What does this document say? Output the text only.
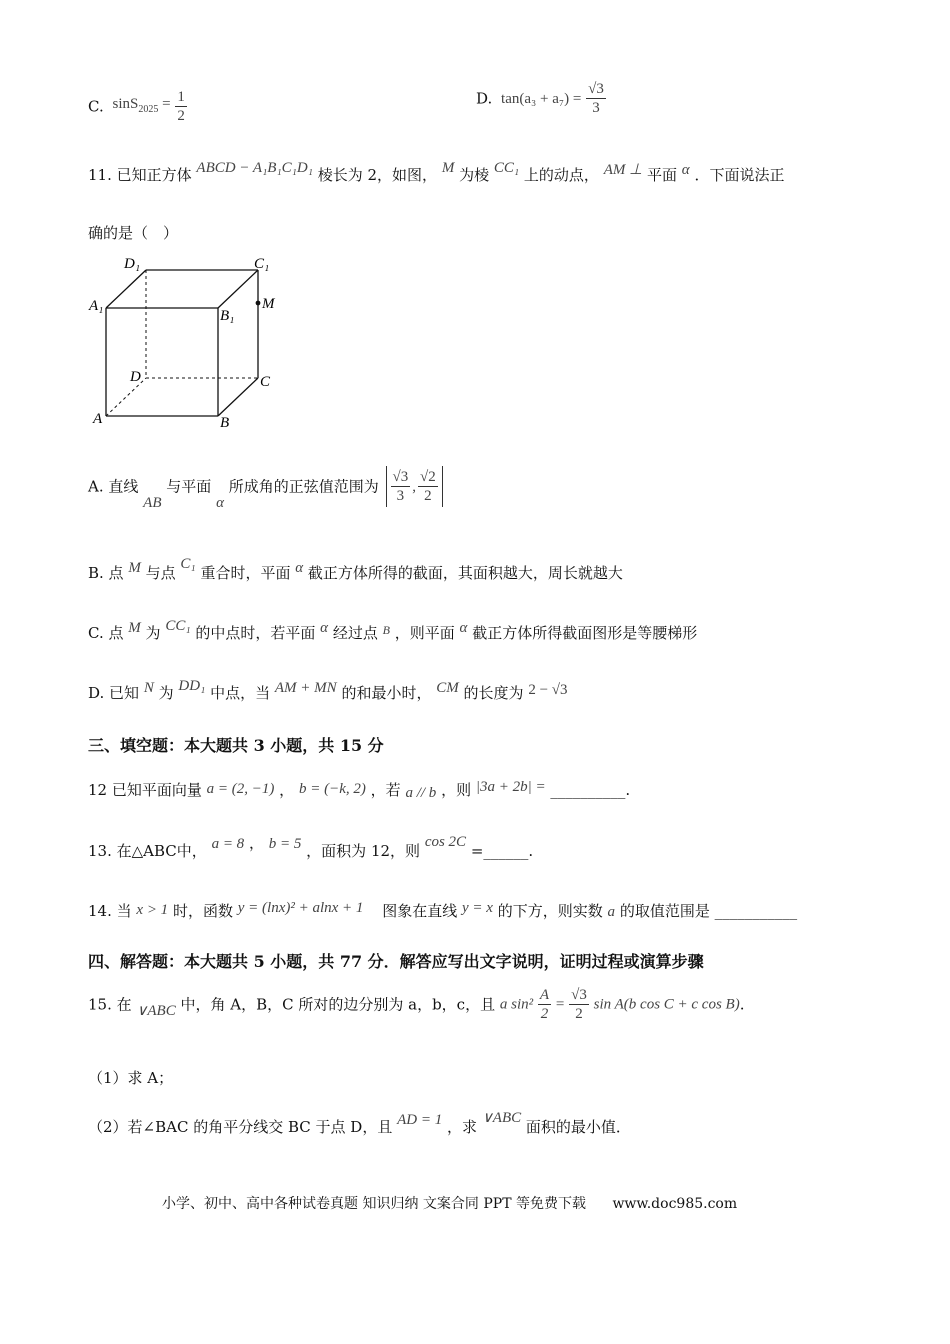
C. $\sin S_{2025} = \frac{1}{2}$	D. $\tan(a_3 + a_7) = \frac{√3}{3}$
11. 已知正方体 ABCD − A₁B₁C₁D₁ 棱长为 2，如图， M 为棱 CC₁ 上的动点， AM ⊥ 平面 α ．下面说法正
确的是（　）
D₁	C₁
A₁
B₁
M
D	C
A	B
A. 直线 AB 与平面 α 所成角的正弦值范围为 $\frac{√3}{3}$ , $\frac{√2}{2}$
B. 点 M 与点 C₁ 重合时，平面 α 截正方体所得的截面，其面积越大，周长就越大
C. 点 M 为 CC₁ 的中点时，若平面 α 经过点 $^B$ ，则平面 α 截正方体所得截面图形是等腰梯形
D. 已知 N 为 DD₁ 中点，当 AM + MN 的和最小时， CM 的长度为 2 − √3
三、填空题：本大题共 3 小题，共 15 分
12 已知平面向量 a = (2, −1) ， b = (−k, 2) ，若 a // b ，则 |3a + 2b| = __________.
13. 在△ABC中， a = 8 ， b = 5 ，面积为 12，则 cos 2C =______.
14. 当 x > 1 时，函数 y = (lnx)² + alnx + 1 图象在直线 y = x 的下方，则实数 a 的取值范围是 ___________
四、解答题：本大题共 5 小题，共 77 分．解答应写出文字说明，证明过程或演算步骤
15. 在 ∨ABC 中，角 A，B，C 所对的边分别为 a，b，c，且 a $\sin^2 \frac{A}{2} = \frac{√3}{2}$ sin A(b cos C + c cos B).
（1）求 A；
（2）若∠BAC 的角平分线交 BC 于点 D，且 AD = 1 ，求 ∨ABC 面积的最小值．
小学、初中、高中各种试卷真题 知识归纳 文案合同 PPT 等免费下载 www.doc985.com
